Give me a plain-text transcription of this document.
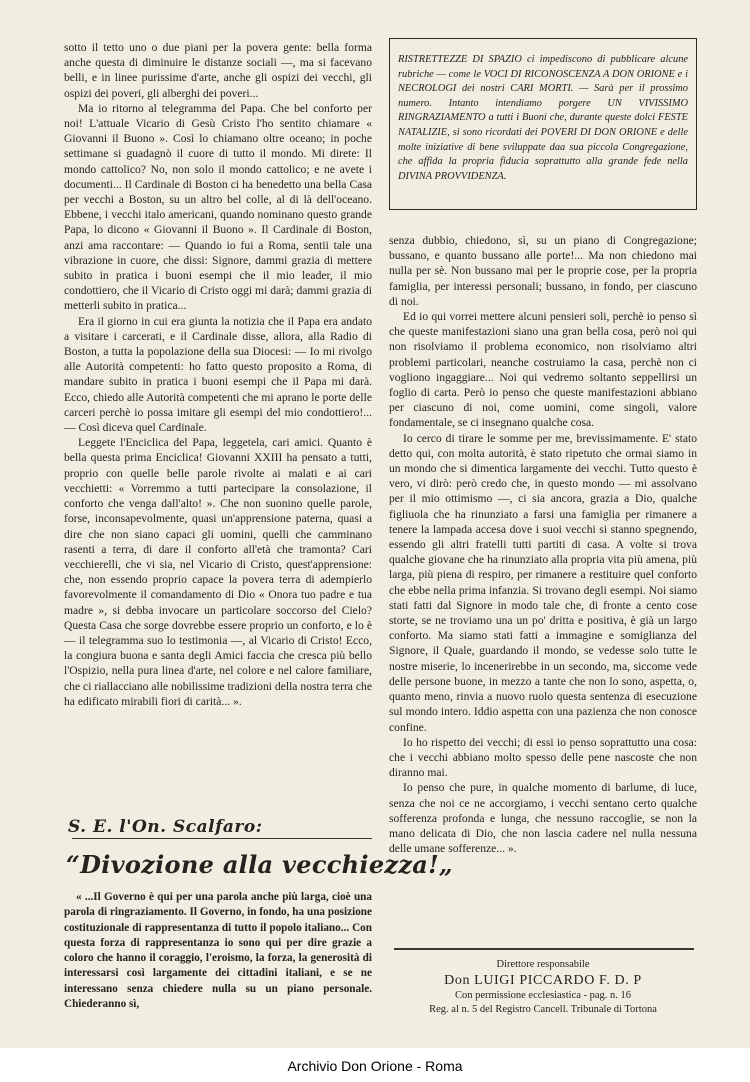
sotto il tetto uno o due piani per la povera gente: bella forma anche questa di diminuire le distanze sociali —, ma si facevano belli, e in linee purissime d'arte, anche gli ospizi dei vecchi, gli ospizi dei poveri, gli alberghi dei poveri...

Ma io ritorno al telegramma del Papa. Che bel conforto per noi! L'attuale Vicario di Gesù Cristo l'ho sentito chiamare « Giovanni il Buono ». Così lo chiamano oltre oceano; in poche settimane si guadagnò il cuore di tutto il mondo. Mi direte: Il mondo cattolico? No, non solo il mondo cattolico; e ne avete i documenti... Il Cardinale di Boston ci ha benedetto una bella Casa per vecchi a Boston, su un altro bel colle, al di là dell'oceano. Ebbene, i vecchi italo americani, quando nominano questo grande Papa, lo dicono « Giovanni il Buono ». Il Cardinale di Boston, anzi ama raccontare: — Quando io fui a Roma, sentii tale una vibrazione in cuore, che dissi: Signore, dammi grazia di mettere subito in pratica i buoni esempi che il mio leader, il mio condottiero, che il Vicario di Cristo oggi mi darà; dammi grazia di metterli subito in pratica...

Era il giorno in cui era giunta la notizia che il Papa era andato a visitare i carcerati, e il Cardinale disse, allora, alla Radio di Boston, a tutta la popolazione della sua Diocesi: — Io mi rivolgo alle Autorità competenti: ho fatto questo proposito a Roma, di mandare subito in pratica i buoni esempi che il Papa mi darà. Ecco, chiedo alle Autorità competenti che mi aprano le porte delle carceri perchè io possa imitare gli esempi del mio condottiero!... — Così diceva quel Cardinale.

Leggete l'Enciclica del Papa, leggetela, cari amici. Quanto è bella questa prima Enciclica! Giovanni XXIII ha pensato a tutti, proprio con quelle belle parole rivolte ai malati e ai cari vecchietti: « Vorremmo a tutti partecipare la consolazione, il conforto che venga dall'alto! ». Che non suonino quelle parole, forse, inconsapevolmente, quasi un'apprensione paterna, quasi a dire che non siano capaci gli uomini, quelli che camminano rasenti a terra, di dare il conforto all'età che tramonta? Cari vecchierelli, che vi sia, nel Vicario di Cristo, quest'apprensione: che, non essendo proprio capace la povera terra di adempierlo favorevolmente il comandamento di Dio « Onora tuo padre e tua madre », si debba invocare un particolare soccorso del Cielo? Questa Casa che sorge dovrebbe essere proprio un conforto, e lo è — il telegramma suo lo testimonia —, al Vicario di Cristo! Ecco, la congiura buona e santa degli Amici faccia che cresca più bello l'Ospizio, nella pura linea d'arte, nel colore e nel calore familiare, che ci riallacciano alle nobilissime tradizioni della nostra terra che ha edificato mirabili fiori di carità... ».

RISTRETTEZZE DI SPAZIO ci impediscono di pubblicare alcune rubriche — come le VOCI DI RICONOSCENZA A DON ORIONE e i NECROLOGI dei nostri CARI MORTI. — Sarà per il prossimo numero. Intanto intendiamo porgere UN VIVISSIMO RINGRAZIAMENTO a tutti i Buoni che, durante queste dolci FESTE NATALIZIE, si sono ricordati dei POVERI DI DON ORIONE e delle molte iniziative di bene sviluppate daa sua piccola Congregazione, che affida la propria fiducia soprattutto alla grande fede nella DIVINA PROVVIDENZA.
S. E. l'On. Scalfaro:
“Divozione alla vecchiezza!„

« ...Il Governo è qui per una parola anche più larga, cioè una parola di ringraziamento. Il Governo, in fondo, ha una posizione costituzionale di rappresentanza di tutto il popolo italiano... Con questa forza di rappresentanza io sono qui per dire grazie a coloro che hanno il coraggio, l'eroismo, la forza, la generosità di interessarsi così largamente dei cittadini italiani, e se ne interessano senza chiedere nulla su un piano personale. Chiederanno sì,

senza dubbio, chiedono, sì, su un piano di Congregazione; bussano, e quanto bussano alle porte!... Ma non chiedono mai nulla per sè. Non bussano mai per le proprie cose, per la propria famiglia, per interessi personali; bussano, in fondo, per ciascuno di noi.

Ed io qui vorrei mettere alcuni pensieri soli, perchè io penso sì che queste manifestazioni siano una gran bella cosa, però noi qui non risolviamo il problema economico, non risolviamo altri problemi particolari, neanche costruiamo la casa, perchè non ci vogliono ingaggiare... Noi qui vedremo soltanto seppellirsi un foglio di carta. Però io penso che queste manifestazioni abbiano per ciascuno di noi, come uomini, come singoli, valore fondamentale, se ci insegnano qualche cosa.

Io cerco di tirare le somme per me, brevissimamente. E' stato detto qui, con molta autorità, è stato ripetuto che ormai siamo in un mondo che si dimentica largamente dei vecchi. Tutto questo è vero, vi dirò: però credo che, in questo mondo — mi assolvano per il mio ottimismo —, ci sia ancora, grazia a Dio, qualche figliuola che ha rinunziato a farsi una famiglia per rimanere a tenere la lampada accesa dove i suoi vecchi si stanno spegnendo, essendo gli altri fratelli tutti partiti di casa. A volte si trova qualche giovane che ha rinunziato alla propria vita più amena, più larga, più piena di respiro, per rimanere a restituire quel conforto che ebbe nella prima infanzia. Si trovano degli esempi. Noi siamo stati fatti dal Signore in modo tale che, di fronte a cento cose storte, se ne troviamo una un po' dritta e positiva, è già un largo conforto. Ma siamo stati fatti a immagine e somiglianza del Signore, il Quale, guardando il mondo, se vedesse solo tutte le nostre miserie, lo incenerirebbe in un secondo, ma, siccome vede delle persone buone, in mezzo a tante che non lo sono, aspetta, o, quanto meno, rinvia a nuovo ruolo questa sentenza di esecuzione sul mondo intero. Iddio aspetta con una pazienza che non conosce confine.

Io ho rispetto dei vecchi; di essi io penso soprattutto una cosa: che i vecchi abbiano molto spesso delle pene nascoste che non diranno mai.

Io penso che pure, in qualche momento di barlume, di luce, senza che noi ce ne accorgiamo, i vecchi sentano certo qualche sofferenza profonda e lunga, che nessuno raccoglie, se non la mano delicata di Dio, che non lascia cadere nel nulla nessuna delle umane sofferenze... ».

Direttore responsabile
Don LUIGI PICCARDO F. D. P
Con permissione ecclesiastica - pag. n. 16
Reg. al n. 5 del Registro Cancell. Tribunale di Tortona
Archivio Don Orione - Roma
